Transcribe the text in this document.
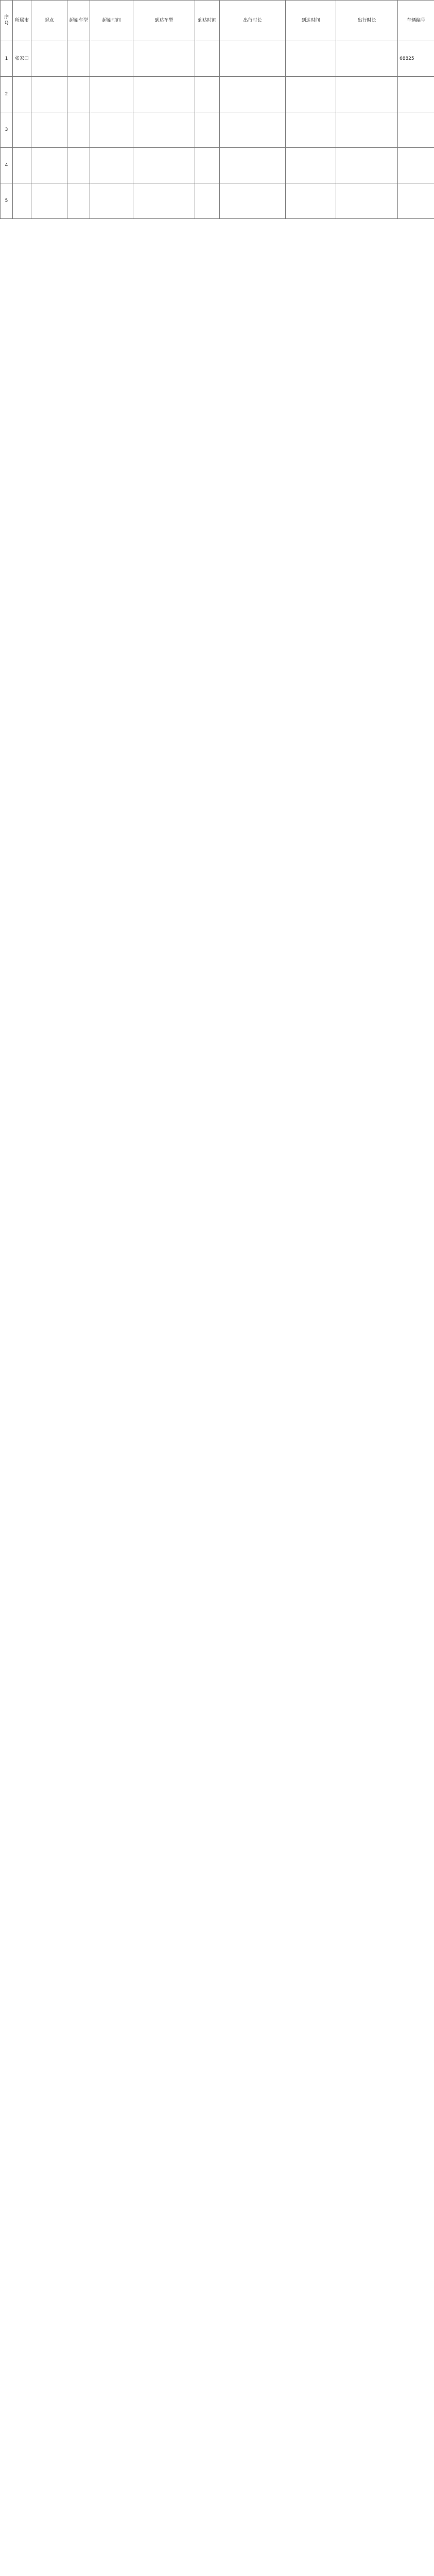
序号	所属市	起点	起始车型	起始时间	到达车型	到达时间	出行时长	到达时间	出行时长	车辆编号
1	张家口									68825
2										
3										
4										
5										
